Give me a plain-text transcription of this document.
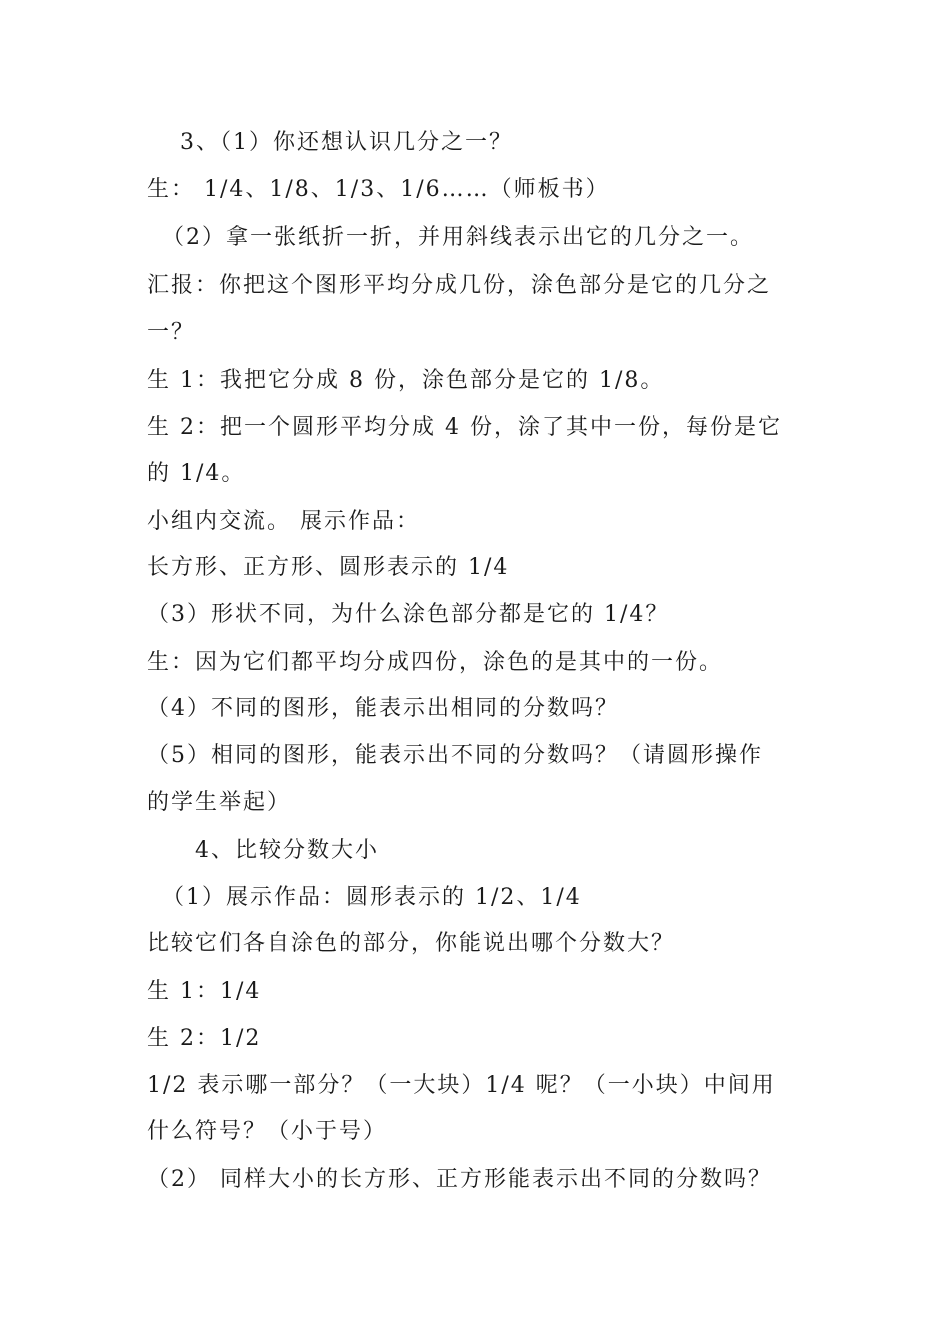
3、（1）你还想认识几分之一？
生： 1/4、1/8、1/3、1/6……（师板书）
（2）拿一张纸折一折，并用斜线表示出它的几分之一。
汇报：你把这个图形平均分成几份，涂色部分是它的几分之
一？
生 1：我把它分成 8 份，涂色部分是它的 1/8。
生 2：把一个圆形平均分成 4 份，涂了其中一份，每份是它
的 1/4。
小组内交流。 展示作品：
长方形、正方形、圆形表示的 1/4
（3）形状不同，为什么涂色部分都是它的 1/4？
生：因为它们都平均分成四份，涂色的是其中的一份。
（4）不同的图形，能表示出相同的分数吗？
（5）相同的图形，能表示出不同的分数吗？（请圆形操作
的学生举起）
4、比较分数大小
（1）展示作品：圆形表示的 1/2、1/4
比较它们各自涂色的部分，你能说出哪个分数大？
生 1：1/4
生 2：1/2
1/2 表示哪一部分？（一大块）1/4 呢？（一小块）中间用
什么符号？（小于号）
（2） 同样大小的长方形、正方形能表示出不同的分数吗？
